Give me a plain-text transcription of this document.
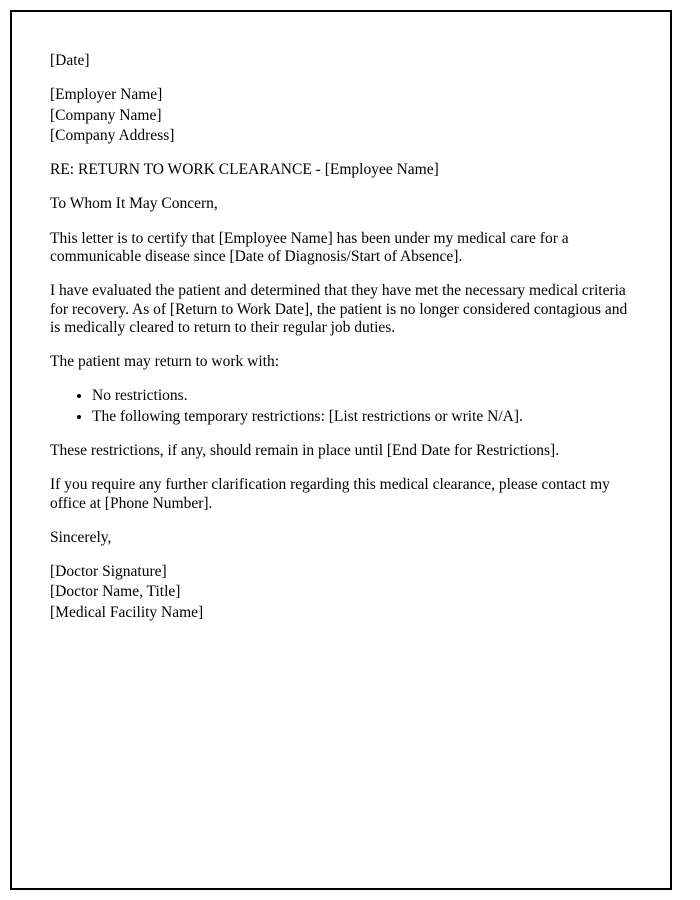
[Date]

[Employer Name]

[Company Name]

[Company Address]

RE: RETURN TO WORK CLEARANCE - [Employee Name]

To Whom It May Concern,

This letter is to certify that [Employee Name] has been under my medical care for a communicable disease since [Date of Diagnosis/Start of Absence].

I have evaluated the patient and determined that they have met the necessary medical criteria for recovery. As of [Return to Work Date], the patient is no longer considered contagious and is medically cleared to return to their regular job duties.

The patient may return to work with:

• No restrictions.
• The following temporary restrictions: [List restrictions or write N/A].

These restrictions, if any, should remain in place until [End Date for Restrictions].

If you require any further clarification regarding this medical clearance, please contact my office at [Phone Number].

Sincerely,

[Doctor Signature]

[Doctor Name, Title]

[Medical Facility Name]
